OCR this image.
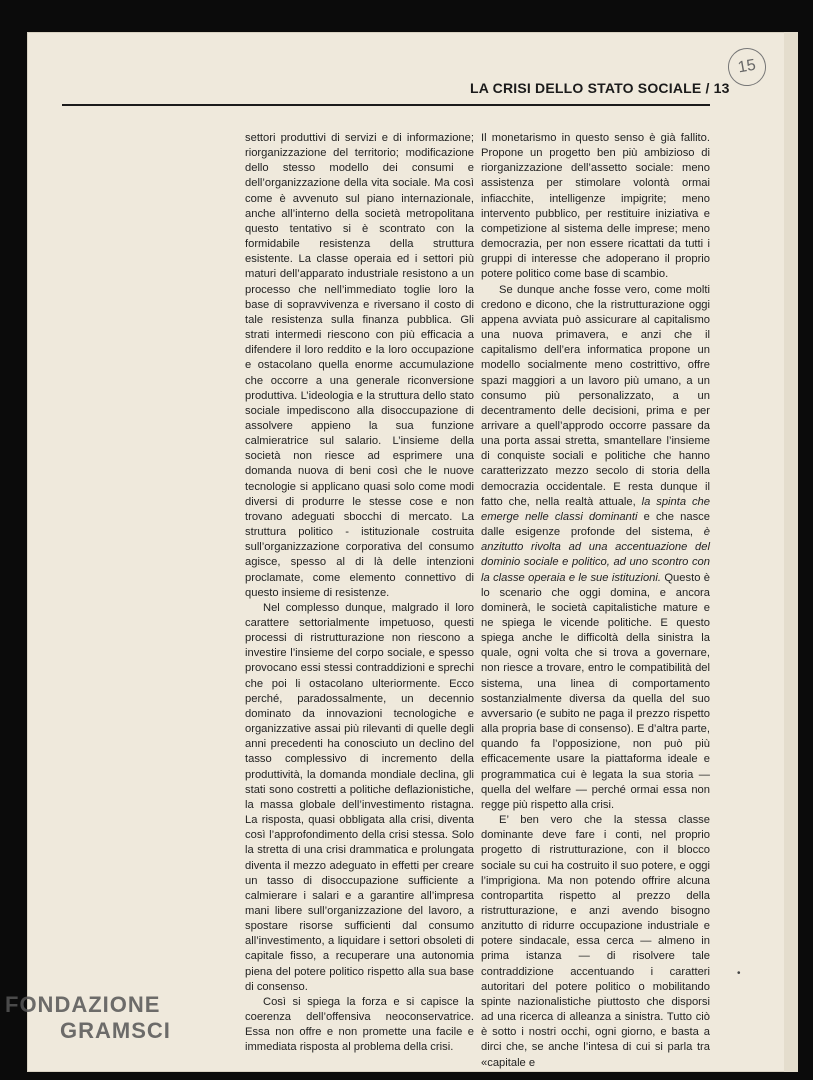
15
LA CRISI DELLO STATO SOCIALE / 13

settori produttivi di servizi e di informazione; riorganizzazione del territorio; modificazione dello stesso modello dei consumi e dell’organizzazione della vita sociale. Ma così come è avvenuto sul piano internazionale, anche all’interno della società metropolitana questo tentativo si è scontrato con la formidabile resistenza della struttura esistente. La classe operaia ed i settori più maturi dell’apparato industriale resistono a un processo che nell’immediato toglie loro la base di sopravvivenza e riversano il costo di tale resistenza sulla finanza pubblica. Gli strati intermedi riescono con più efficacia a difendere il loro reddito e la loro occupazione e ostacolano quella enorme accumulazione che occorre a una generale riconversione produttiva. L’ideologia e la struttura dello stato sociale impediscono alla disoccupazione di assolvere appieno la sua funzione calmieratrice sul salario. L’insieme della società non riesce ad esprimere una domanda nuova di beni così che le nuove tecnologie si applicano quasi solo come modi diversi di produrre le stesse cose e non trovano adeguati sbocchi di mercato. La struttura politico - istituzionale costruita sull’organizzazione corporativa del consumo agisce, spesso al di là delle intenzioni proclamate, come elemento connettivo di questo insieme di resistenze.

Nel complesso dunque, malgrado il loro carattere settorialmente impetuoso, questi processi di ristrutturazione non riescono a investire l’insieme del corpo sociale, e spesso provocano essi stessi contraddizioni e sprechi che poi li ostacolano ulteriormente. Ecco perché, paradossalmente, un decennio dominato da innovazioni tecnologiche e organizzative assai più rilevanti di quelle degli anni precedenti ha conosciuto un declino del tasso complessivo di incremento della produttività, la domanda mondiale declina, gli stati sono costretti a politiche deflazionistiche, la massa globale dell’investimento ristagna. La risposta, quasi obbligata alla crisi, diventa così l’approfondimento della crisi stessa. Solo la stretta di una crisi drammatica e prolungata diventa il mezzo adeguato in effetti per creare un tasso di disoccupazione sufficiente a calmierare i salari e a garantire all’impresa mani libere sull’organizzazione del lavoro, a spostare risorse sufficienti dal consumo all’investimento, a liquidare i settori obsoleti di capitale fisso, a recuperare una autonomia piena del potere politico rispetto alla sua base di consenso.

Così si spiega la forza e si capisce la coerenza dell’offensiva neoconservatrice. Essa non offre e non promette una facile e immediata risposta al problema della crisi.

Il monetarismo in questo senso è già fallito. Propone un progetto ben più ambizioso di riorganizzazione dell’assetto sociale: meno assistenza per stimolare volontà ormai infiacchite, intelligenze impigrite; meno intervento pubblico, per restituire iniziativa e competizione al sistema delle imprese; meno democrazia, per non essere ricattati da tutti i gruppi di interesse che adoperano il proprio potere politico come base di scambio.

Se dunque anche fosse vero, come molti credono e dicono, che la ristrutturazione oggi appena avviata può assicurare al capitalismo una nuova primavera, e anzi che il capitalismo dell’era informatica propone un modello socialmente meno costrittivo, offre spazi maggiori a un lavoro più umano, a un consumo più personalizzato, a un decentramento delle decisioni, prima e per arrivare a quell’approdo occorre passare da una porta assai stretta, smantellare l’insieme di conquiste sociali e politiche che hanno caratterizzato mezzo secolo di storia della democrazia occidentale. E resta dunque il fatto che, nella realtà attuale, la spinta che emerge nelle classi dominanti e che nasce dalle esigenze profonde del sistema, è anzitutto rivolta ad una accentuazione del dominio sociale e politico, ad uno scontro con la classe operaia e le sue istituzioni. Questo è lo scenario che oggi domina, e ancora dominerà, le società capitalistiche mature e ne spiega le vicende politiche. E questo spiega anche le difficoltà della sinistra la quale, ogni volta che si trova a governare, non riesce a trovare, entro le compatibilità del sistema, una linea di comportamento sostanzialmente diversa da quella del suo avversario (e subito ne paga il prezzo rispetto alla propria base di consenso). E d’altra parte, quando fa l’opposizione, non può più efficacemente usare la piattaforma ideale e programmatica cui è legata la sua storia — quella del welfare — perché ormai essa non regge più rispetto alla crisi.

E’ ben vero che la stessa classe dominante deve fare i conti, nel proprio progetto di ristrutturazione, con il blocco sociale su cui ha costruito il suo potere, e oggi l’imprigiona. Ma non potendo offrire alcuna contropartita rispetto al prezzo della ristrutturazione, e anzi avendo bisogno anzitutto di ridurre occupazione industriale e potere sindacale, essa cerca — almeno in prima istanza — di risolvere tale contraddizione accentuando i caratteri autoritari del potere politico o mobilitando spinte nazionalistiche piuttosto che disporsi ad una ricerca di alleanza a sinistra. Tutto ciò è sotto i nostri occhi, ogni giorno, e basta a dirci che, se anche l’intesa di cui si parla tra «capitale e

•
FONDAZIONE
GRAMSCI
